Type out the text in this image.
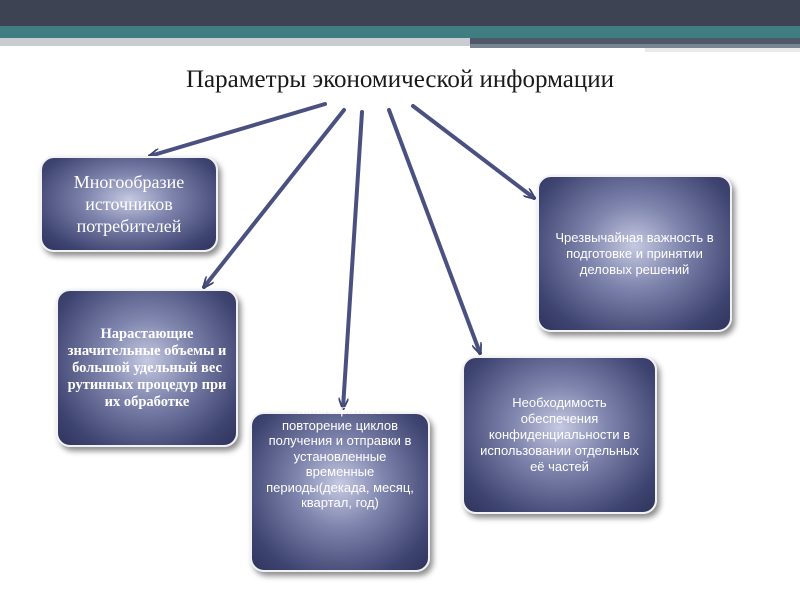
Параметры экономической информации
Многообразие источников потребителей
Нарастающие значительные объемы и большой удельный вес рутинных процедур при их обработке	Многократное повторение циклов получения и отправки в установленные временные периоды(декада, месяц, квартал, год)
Чрезвычайная важность в подготовке и принятии деловых решений
Необходимость обеспечения конфиденциальности в использовании отдельных её частей
